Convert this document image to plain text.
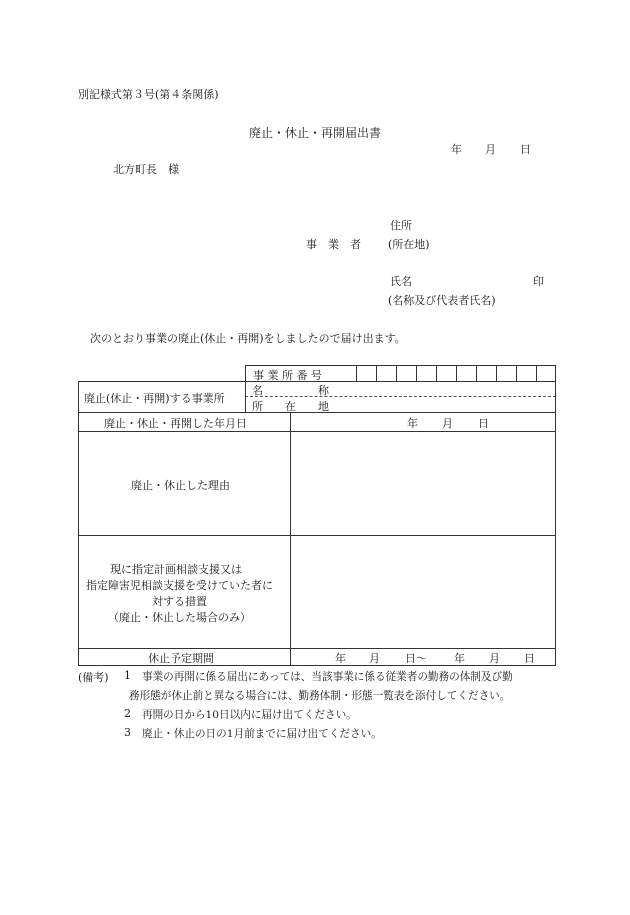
別記様式第３号(第４条関係)
廃止・休止・再開届出書
年 月 日
北方町長　様
住所
事　業　者 (所在地)
氏名	印
(名称及び代表者氏名)
次のとおり事業の廃止(休止・再開)をしましたので届け出ます。
事 業 所 番 号
廃止(休止・再開)する事業所
名　　　　　称
所　　在　　地
廃止・休止・再開した年月日	年 月 日
廃止・休止した理由
現に指定計画相談支援又は
指定障害児相談支援を受けていた者に
対する措置
（廃止・休止した場合のみ）
休止予定期間	年 月 日～ 年 月 日
(備考) 1 事業の再開に係る届出にあっては、当該事業に係る従業者の勤務の体制及び勤
務形態が休止前と異なる場合には、勤務体制・形態一覧表を添付してください。
2 再開の日から10日以内に届け出てください。
3 廃止・休止の日の1月前までに届け出てください。
